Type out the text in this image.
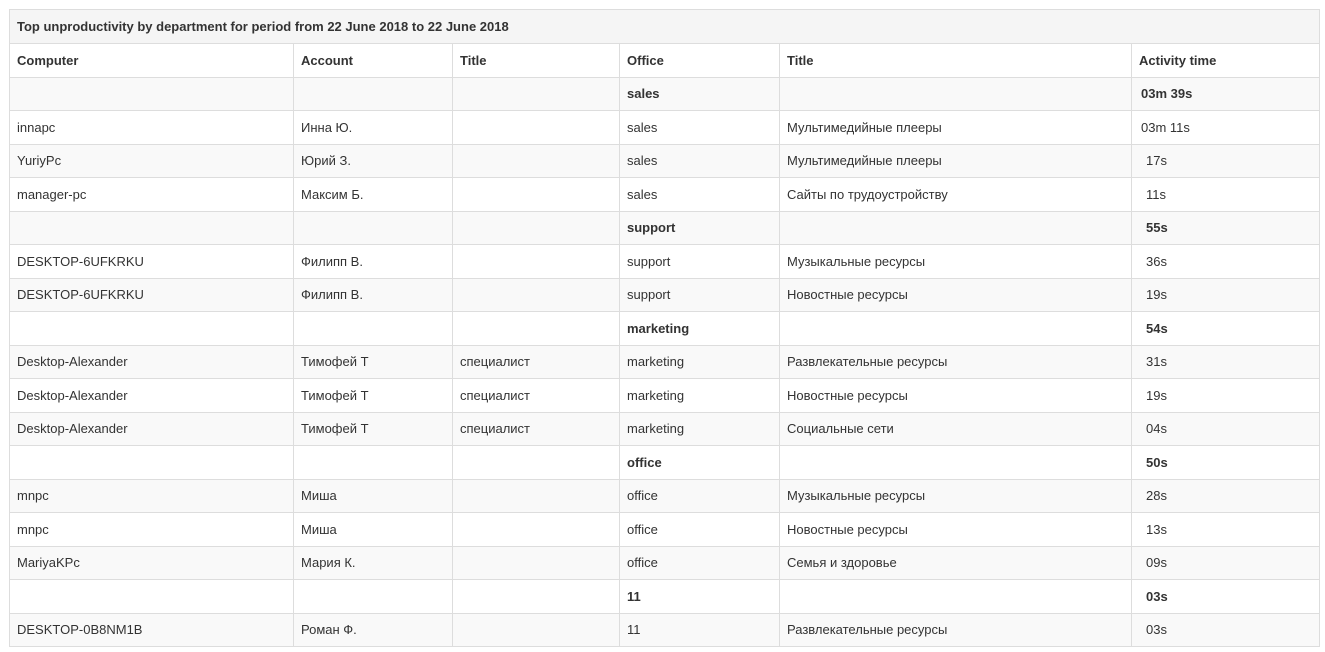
Top unproductivity by department for period from 22 June 2018 to 22 June 2018					
Computer	Account	Title	Office	Title	Activity time
			sales		03m 39s
innapc	Инна Ю.		sales	Мультимедийные плееры	03m 11s
YuriyPc	Юрий З.		sales	Мультимедийные плееры	17s
manager-pc	Максим Б.		sales	Сайты по трудоустройству	11s
			support		55s
DESKTOP-6UFKRKU	Филипп В.		support	Музыкальные ресурсы	36s
DESKTOP-6UFKRKU	Филипп В.		support	Новостные ресурсы	19s
			marketing		54s
Desktop-Alexander	Тимофей Т	специалист	marketing	Развлекательные ресурсы	31s
Desktop-Alexander	Тимофей Т	специалист	marketing	Новостные ресурсы	19s
Desktop-Alexander	Тимофей Т	специалист	marketing	Социальные сети	04s
			office		50s
mnpc	Миша		office	Музыкальные ресурсы	28s
mnpc	Миша		office	Новостные ресурсы	13s
MariyaKPc	Мария К.		office	Семья и здоровье	09s
			11		03s
DESKTOP-0B8NM1B	Роман Ф.		11	Развлекательные ресурсы	03s
